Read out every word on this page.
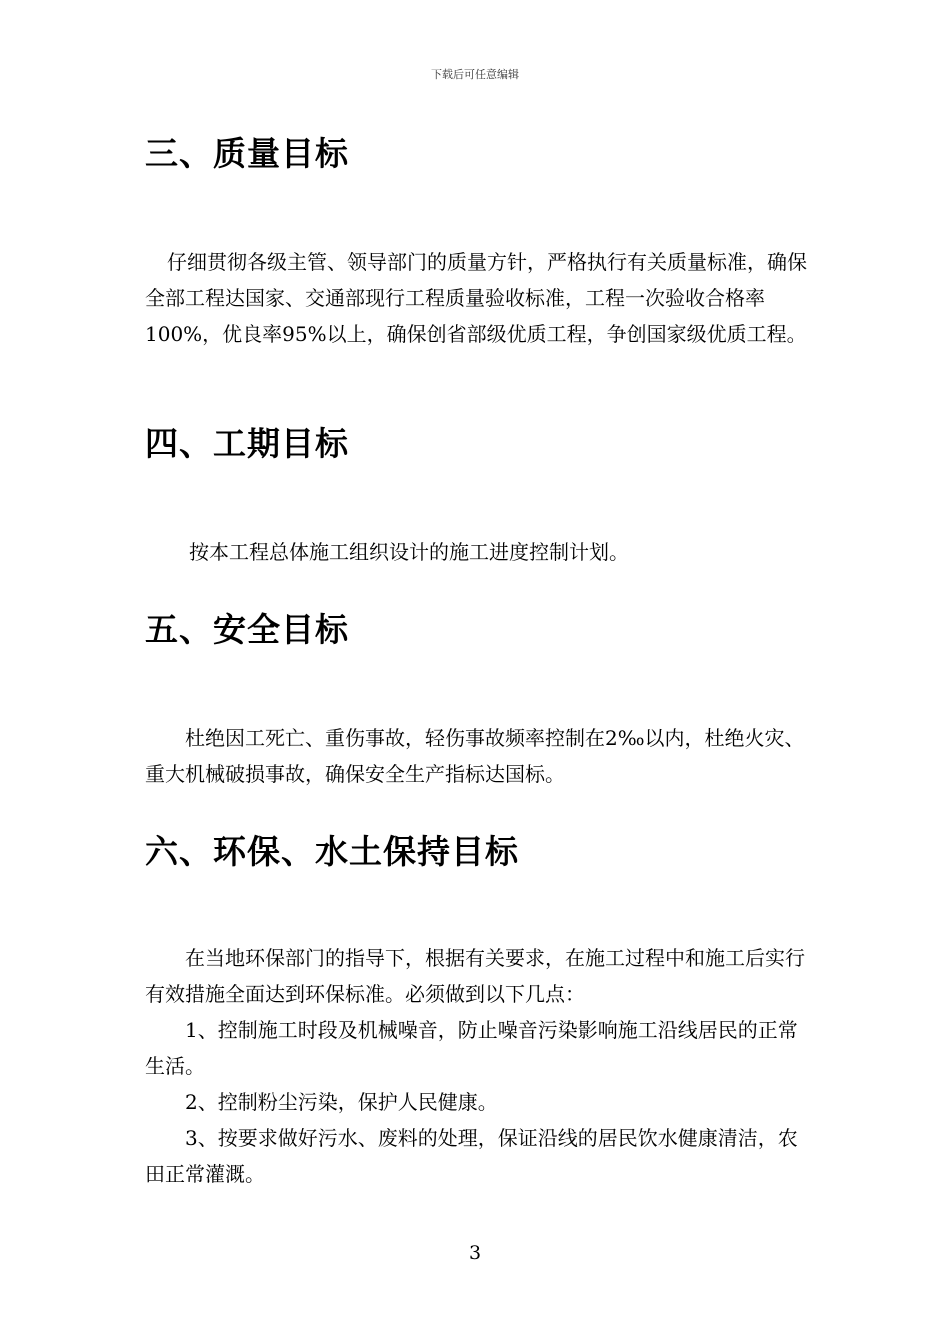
下载后可任意编辑
三、质量目标

仔细贯彻各级主管、领导部门的质量方针，严格执行有关质量标准，确保全部工程达国家、交通部现行工程质量验收标准，工程一次验收合格率100%，优良率95%以上，确保创省部级优质工程，争创国家级优质工程。

四、工期目标

按本工程总体施工组织设计的施工进度控制计划。

五、安全目标

杜绝因工死亡、重伤事故，轻伤事故频率控制在2‰以内，杜绝火灾、重大机械破损事故，确保安全生产指标达国标。

六、环保、水土保持目标

在当地环保部门的指导下，根据有关要求，在施工过程中和施工后实行有效措施全面达到环保标准。必须做到以下几点：

1、控制施工时段及机械噪音，防止噪音污染影响施工沿线居民的正常生活。

2、控制粉尘污染，保护人民健康。

3、按要求做好污水、废料的处理，保证沿线的居民饮水健康清洁，农田正常灌溉。

3
